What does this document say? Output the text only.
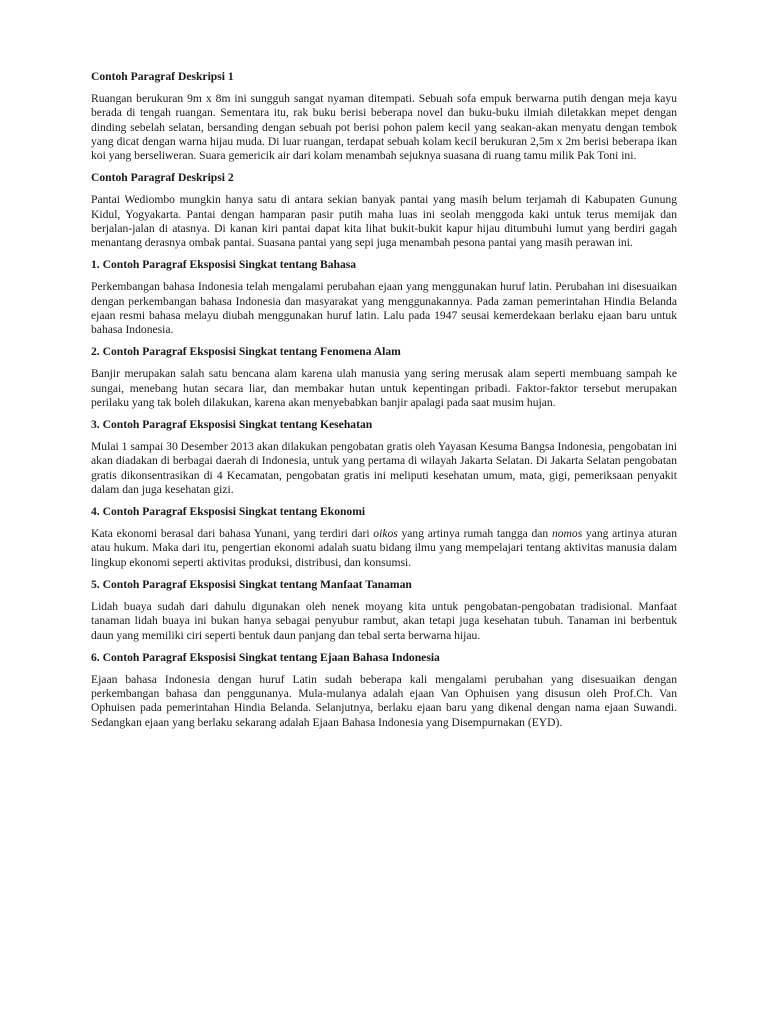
Contoh Paragraf Deskripsi 1

Ruangan berukuran 9m x 8m ini sungguh sangat nyaman ditempati. Sebuah sofa empuk berwarna putih dengan meja kayu berada di tengah ruangan. Sementara itu, rak buku berisi beberapa novel dan buku-buku ilmiah diletakkan mepet dengan dinding sebelah selatan, bersanding dengan sebuah pot berisi pohon palem kecil yang seakan-akan menyatu dengan tembok yang dicat dengan warna hijau muda. Di luar ruangan, terdapat sebuah kolam kecil berukuran 2,5m x 2m berisi beberapa ikan koi yang berseliweran. Suara gemericik air dari kolam menambah sejuknya suasana di ruang tamu milik Pak Toni ini.

Contoh Paragraf Deskripsi 2

Pantai Wediombo mungkin hanya satu di antara sekian banyak pantai yang masih belum terjamah di Kabupaten Gunung Kidul, Yogyakarta. Pantai dengan hamparan pasir putih maha luas ini seolah menggoda kaki untuk terus memijak dan berjalan-jalan di atasnya. Di kanan kiri pantai dapat kita lihat bukit-bukit kapur hijau ditumbuhi lumut yang berdiri gagah menantang derasnya ombak pantai. Suasana pantai yang sepi juga menambah pesona pantai yang masih perawan ini.

1. Contoh Paragraf Eksposisi Singkat tentang Bahasa

Perkembangan bahasa Indonesia telah mengalami perubahan ejaan yang menggunakan huruf latin. Perubahan ini disesuaikan dengan perkembangan bahasa Indonesia dan masyarakat yang menggunakannya. Pada zaman pemerintahan Hindia Belanda ejaan resmi bahasa melayu diubah menggunakan huruf latin. Lalu pada 1947 seusai kemerdekaan berlaku ejaan baru untuk bahasa Indonesia.

2. Contoh Paragraf Eksposisi Singkat tentang Fenomena Alam

Banjir merupakan salah satu bencana alam karena ulah manusia yang sering merusak alam seperti membuang sampah ke sungai, menebang hutan secara liar, dan membakar hutan untuk kepentingan pribadi. Faktor-faktor tersebut merupakan perilaku yang tak boleh dilakukan, karena akan menyebabkan banjir apalagi pada saat musim hujan.

3. Contoh Paragraf Eksposisi Singkat tentang Kesehatan

Mulai 1 sampai 30 Desember 2013 akan dilakukan pengobatan gratis oleh Yayasan Kesuma Bangsa Indonesia, pengobatan ini akan diadakan di berbagai daerah di Indonesia, untuk yang pertama di wilayah Jakarta Selatan. Di Jakarta Selatan pengobatan gratis dikonsentrasikan di 4 Kecamatan, pengobatan gratis ini meliputi kesehatan umum, mata, gigi, pemeriksaan penyakit dalam dan juga kesehatan gizi.

4. Contoh Paragraf Eksposisi Singkat tentang Ekonomi

Kata ekonomi berasal dari bahasa Yunani, yang terdiri dari oikos yang artinya rumah tangga dan nomos yang artinya aturan atau hukum. Maka dari itu, pengertian ekonomi adalah suatu bidang ilmu yang mempelajari tentang aktivitas manusia dalam lingkup ekonomi seperti aktivitas produksi, distribusi, dan konsumsi.

5. Contoh Paragraf Eksposisi Singkat tentang Manfaat Tanaman

Lidah buaya sudah dari dahulu digunakan oleh nenek moyang kita untuk pengobatan-pengobatan tradisional. Manfaat tanaman lidah buaya ini bukan hanya sebagai penyubur rambut, akan tetapi juga kesehatan tubuh. Tanaman ini berbentuk daun yang memiliki ciri seperti bentuk daun panjang dan tebal serta berwarna hijau.

6. Contoh Paragraf Eksposisi Singkat tentang Ejaan Bahasa Indonesia

Ejaan bahasa Indonesia dengan huruf Latin sudah beberapa kali mengalami perubahan yang disesuaikan dengan perkembangan bahasa dan penggunanya. Mula-mulanya adalah ejaan Van Ophuisen yang disusun oleh Prof.Ch. Van Ophuisen pada pemerintahan Hindia Belanda. Selanjutnya, berlaku ejaan baru yang dikenal dengan nama ejaan Suwandi. Sedangkan ejaan yang berlaku sekarang adalah Ejaan Bahasa Indonesia yang Disempurnakan (EYD).
